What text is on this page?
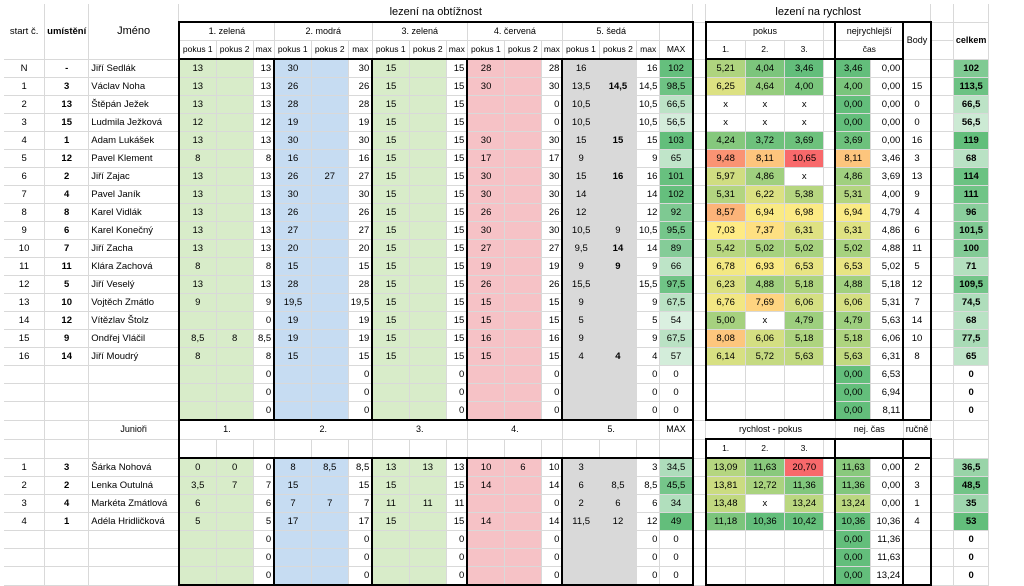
start č.	umístění	Jméno	lezení na obtížnost																	lezení na rychlost								
			1. zelená			2. modrá			3. zelená			4. červená			5. šedá					pokus				nejrychlejší		Body		celkem
			pokus 1	pokus 2	max	pokus 1	pokus 2	max	pokus 1	pokus 2	max	pokus 1	pokus 2	max	pokus 1	pokus 2	max	MAX		1.	2.	3.		čas				
N	-	Jiří Sedlák	13		13	30		30	15		15	28		28	16		16	102		5,21	4,04	3,46		3,46	0,00			102
1	3	Václav Noha	13		13	26		26	15		15	30		30	13,5	14,5	14,5	98,5		6,25	4,64	4,00		4,00	0,00	15		113,5
2	13	Štěpán Ježek	13		13	28		28	15		15			0	10,5		10,5	66,5		x	x	x		0,00	0,00	0		66,5
3	15	Ludmila Ježková	12		12	19		19	15		15			0	10,5		10,5	56,5		x	x	x		0,00	0,00	0		56,5
4	1	Adam Lukášek	13		13	30		30	15		15	30		30	15	15	15	103		4,24	3,72	3,69		3,69	0,00	16		119
5	12	Pavel Klement	8		8	16		16	15		15	17		17	9		9	65		9,48	8,11	10,65		8,11	3,46	3		68
6	2	Jiří Zajac	13		13	26	27	27	15		15	30		30	15	16	16	101		5,97	4,86	x		4,86	3,69	13		114
7	4	Pavel Janík	13		13	30		30	15		15	30		30	14		14	102		5,31	6,22	5,38		5,31	4,00	9		111
8	8	Karel Vidlák	13		13	26		26	15		15	26		26	12		12	92		8,57	6,94	6,98		6,94	4,79	4		96
9	6	Karel Konečný	13		13	27		27	15		15	30		30	10,5	9	10,5	95,5		7,03	7,37	6,31		6,31	4,86	6		101,5
10	7	Jiří Zacha	13		13	20		20	15		15	27		27	9,5	14	14	89		5,42	5,02	5,02		5,02	4,88	11		100
11	11	Klára Zachová	8		8	15		15	15		15	19		19	9	9	9	66		6,78	6,93	6,53		6,53	5,02	5		71
12	5	Jiří Veselý	13		13	28		28	15		15	26		26	15,5		15,5	97,5		6,23	4,88	5,18		4,88	5,18	12		109,5
13	10	Vojtěch Zmátlo	9		9	19,5		19,5	15		15	15		15	9		9	67,5		6,76	7,69	6,06		6,06	5,31	7		74,5
14	12	Vítězlav Štolz			0	19		19	15		15	15		15	5		5	54		5,00	x	4,79		4,79	5,63	14		68
15	9	Ondřej Vláčil	8,5	8	8,5	19		19	15		15	16		16	9		9	67,5		8,08	6,06	5,18		5,18	6,06	10		77,5
16	14	Jiří Moudrý	8		8	15		15	15		15	15		15	4	4	4	57		6,14	5,72	5,63		5,63	6,31	8		65
					0			0			0			0			0	0						0,00	6,53			0
					0			0			0			0			0	0						0,00	6,94			0
					0			0			0			0			0	0						0,00	8,11			0
		Junioři	1.			2.			3.			4.			5.			MAX		rychlost - pokus				nej. čas		ručně		
																				1.	2.	3.						
1	3	Šárka Nohová	0	0	0	8	8,5	8,5	13	13	13	10	6	10	3		3	34,5		13,09	11,63	20,70		11,63	0,00	2		36,5
2	2	Lenka Outulná	3,5	7	7	15		15	15		15	14		14	6	8,5	8,5	45,5		13,81	12,72	11,36		11,36	0,00	3		48,5
3	4	Markéta Zmátlová	6		6	7	7	7	11	11	11			0	2	6	6	34		13,48	x	13,24		13,24	0,00	1		35
4	1	Adéla Hridličková	5		5	17		17	15		15	14		14	11,5	12	12	49		11,18	10,36	10,42		10,36	10,36	4		53
					0			0			0			0			0	0						0,00	11,36			0
					0			0			0			0			0	0						0,00	11,63			0
					0			0			0			0			0	0						0,00	13,24			0
